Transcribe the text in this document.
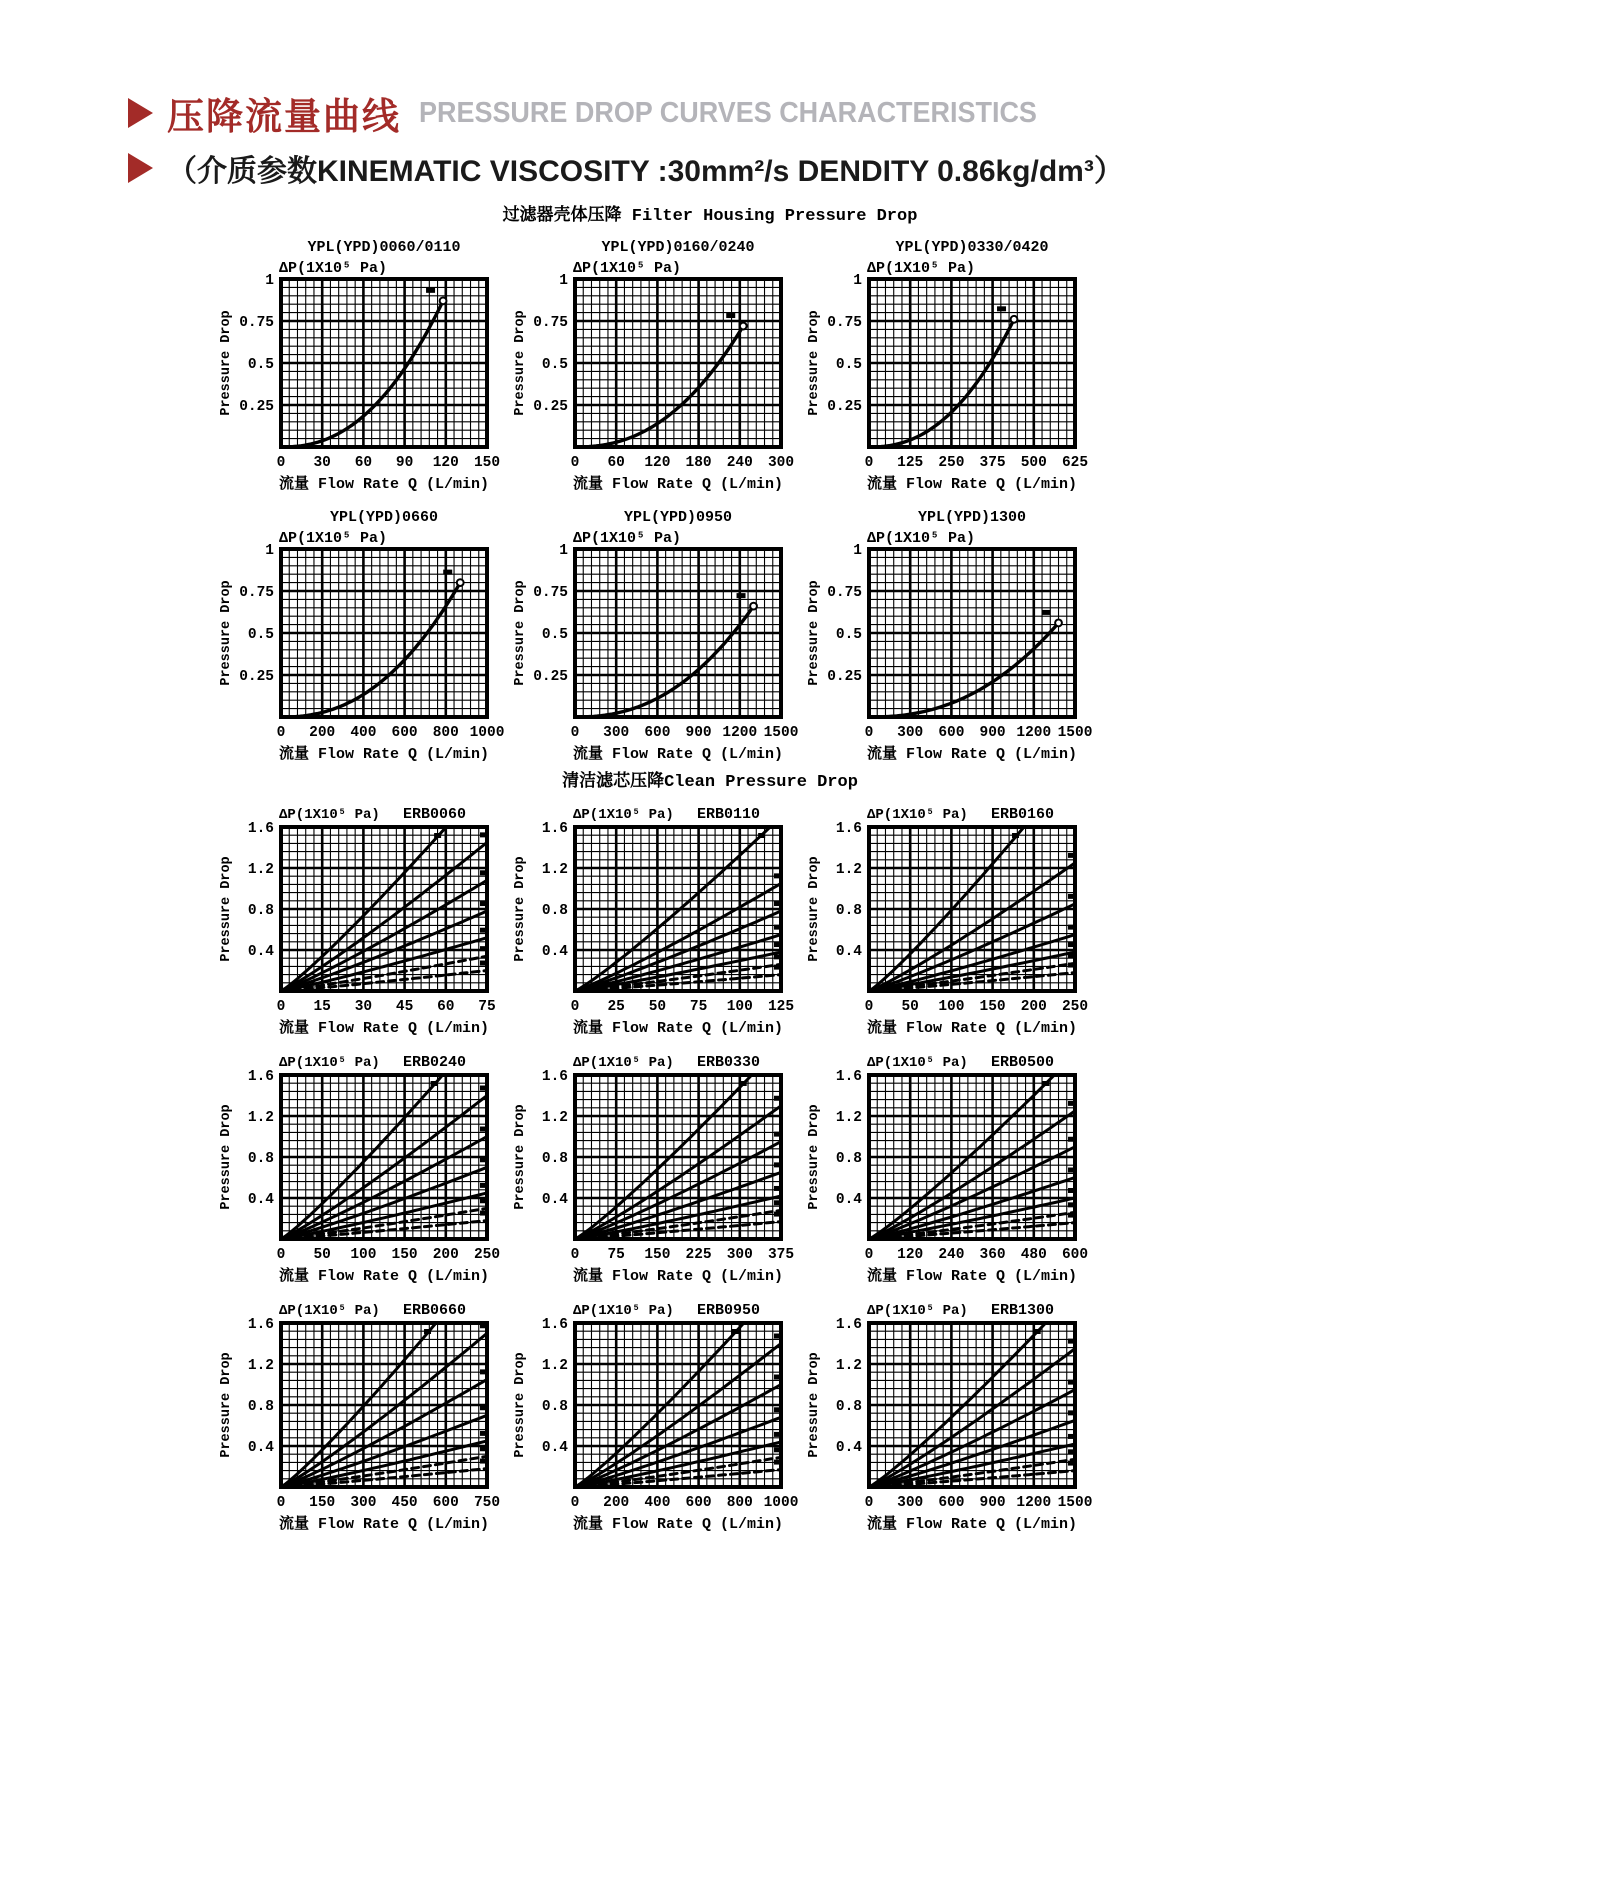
压降流量曲线 PRESSURE DROP CURVES CHARACTERISTICS
（介质参数KINEMATIC VISCOSITY :30mm²/s DENDITY 0.86kg/dm³）
过滤器壳体压降 Filter Housing Pressure Drop
YPL(YPD)0060/0110
ΔP(1X10⁵ Pa)
0.25
0.5
0.75
1
0 30 60 90 120 150
Pressure Drop
流量 Flow Rate Q (L/min)
YPL(YPD)0160/0240
ΔP(1X10⁵ Pa)
0.25
0.5
0.75
1
0 60 120 180 240 300
Pressure Drop
流量 Flow Rate Q (L/min)
YPL(YPD)0330/0420
ΔP(1X10⁵ Pa)
0.25
0.5
0.75
1
0 125 250 375 500 625
Pressure Drop
流量 Flow Rate Q (L/min)
YPL(YPD)0660
ΔP(1X10⁵ Pa)
0.25
0.5
0.75
1
0 200 400 600 800 1000
Pressure Drop
流量 Flow Rate Q (L/min)
YPL(YPD)0950
ΔP(1X10⁵ Pa)
0.25
0.5
0.75
1
0 300 600 900 1200 1500
Pressure Drop
流量 Flow Rate Q (L/min)
YPL(YPD)1300
ΔP(1X10⁵ Pa)
0.25
0.5
0.75
1
0 300 600 900 1200 1500
Pressure Drop
流量 Flow Rate Q (L/min)
清洁滤芯压降Clean Pressure Drop
ΔP(1X10⁵ Pa) ERB0060
0.4
0.8
1.2
1.6
0 15 30 45 60 75
Pressure Drop
流量 Flow Rate Q (L/min)
ΔP(1X10⁵ Pa) ERB0110
0.4
0.8
1.2
1.6
0 25 50 75 100 125
Pressure Drop
流量 Flow Rate Q (L/min)
ΔP(1X10⁵ Pa) ERB0160
0.4
0.8
1.2
1.6
0 50 100 150 200 250
Pressure Drop
流量 Flow Rate Q (L/min)
ΔP(1X10⁵ Pa) ERB0240
0.4
0.8
1.2
1.6
0 50 100 150 200 250
Pressure Drop
流量 Flow Rate Q (L/min)
ΔP(1X10⁵ Pa) ERB0330
0.4
0.8
1.2
1.6
0 75 150 225 300 375
Pressure Drop
流量 Flow Rate Q (L/min)
ΔP(1X10⁵ Pa) ERB0500
0.4
0.8
1.2
1.6
0 120 240 360 480 600
Pressure Drop
流量 Flow Rate Q (L/min)
ΔP(1X10⁵ Pa) ERB0660
0.4
0.8
1.2
1.6
0 150 300 450 600 750
Pressure Drop
流量 Flow Rate Q (L/min)
ΔP(1X10⁵ Pa) ERB0950
0.4
0.8
1.2
1.6
0 200 400 600 800 1000
Pressure Drop
流量 Flow Rate Q (L/min)
ΔP(1X10⁵ Pa) ERB1300
0.4
0.8
1.2
1.6
0 300 600 900 1200 1500
Pressure Drop
流量 Flow Rate Q (L/min)
